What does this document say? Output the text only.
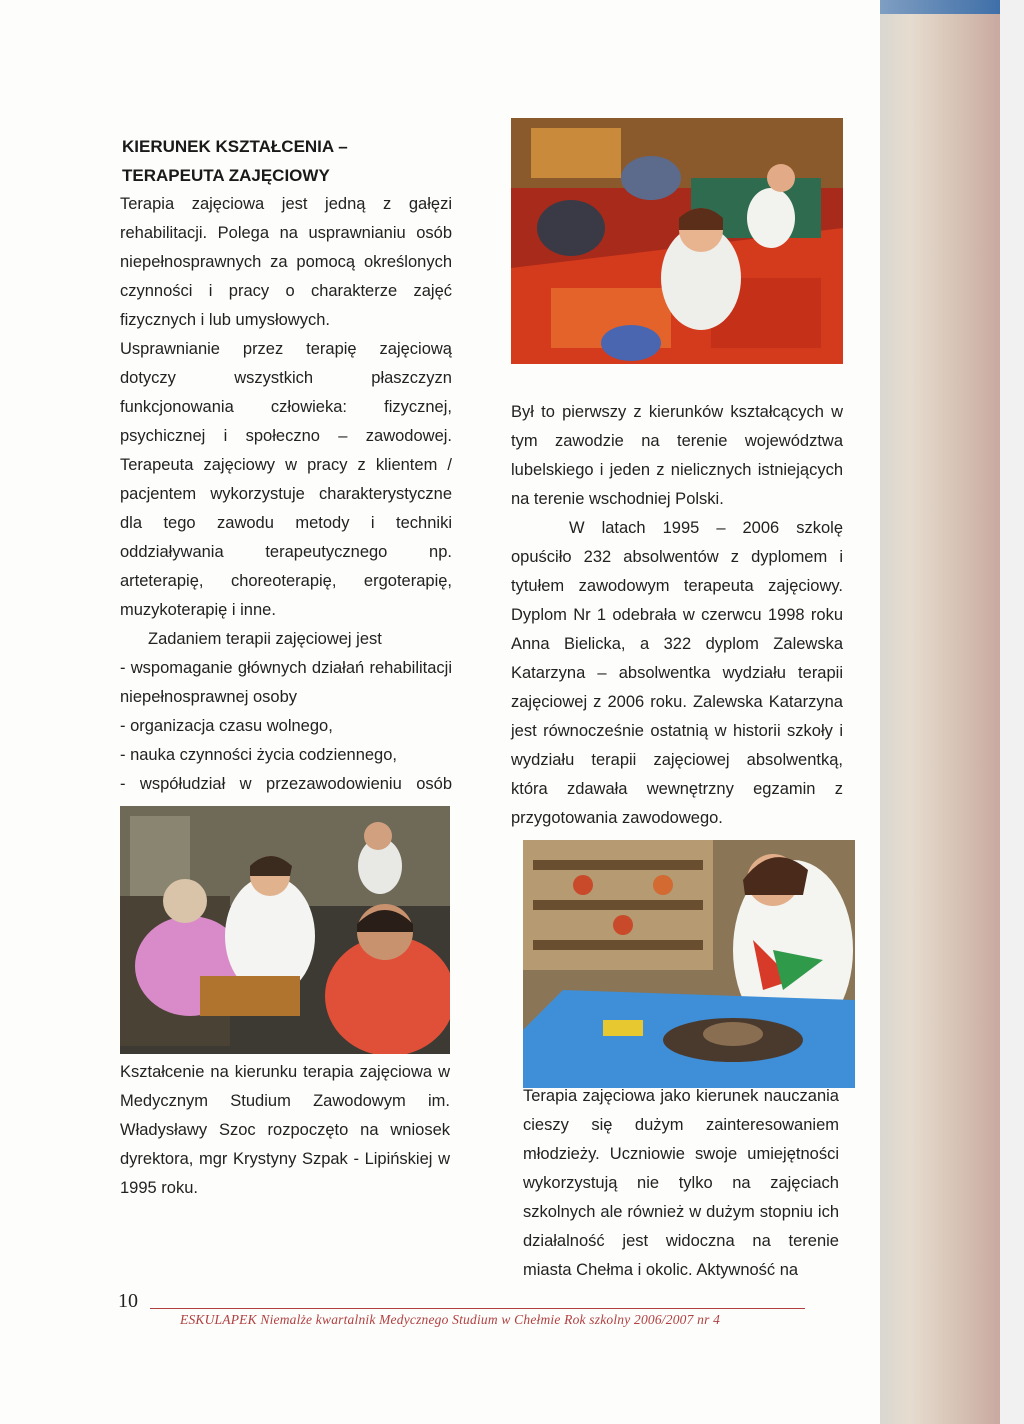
KIERUNEK KSZTAŁCENIA –
TERAPEUTA ZAJĘCIOWY

Terapia zajęciowa jest jedną z gałęzi rehabilitacji. Polega na usprawnianiu osób niepełnosprawnych za pomocą określonych czynności i pracy o charakterze zajęć fizycznych i lub umysłowych.

Usprawnianie przez terapię zajęciową dotyczy wszystkich płaszczyzn funkcjonowania człowieka: fizycznej, psychicznej i społeczno – zawodowej. Terapeuta zajęciowy w pracy z klientem / pacjentem wykorzystuje charakterystyczne dla tego zawodu metody i techniki oddziaływania terapeutycznego np. arteterapię, choreoterapię, ergoterapię, muzykoterapię i inne.

Zadaniem terapii zajęciowej jest

- wspomaganie głównych działań rehabilitacji niepełnosprawnej osoby

- organizacja czasu wolnego,

- nauka czynności życia codziennego,

- współudział w przezawodowieniu osób

Był to pierwszy z kierunków kształcących w tym zawodzie na terenie województwa lubelskiego i jeden z nielicznych istniejących na terenie wschodniej Polski.

W latach 1995 – 2006 szkolę opuściło 232 absolwentów z dyplomem i tytułem zawodowym terapeuta zajęciowy. Dyplom Nr 1 odebrała w czerwcu 1998 roku Anna Bielicka, a 322 dyplom Zalewska Katarzyna – absolwentka wydziału terapii zajęciowej z 2006 roku. Zalewska Katarzyna jest równocześnie ostatnią w historii szkoły i wydziału terapii zajęciowej absolwentką, która zdawała wewnętrzny egzamin z przygotowania zawodowego.

Kształcenie na kierunku terapia zajęciowa w Medycznym Studium Zawodowym im. Władysławy Szoc rozpoczęto na wniosek dyrektora, mgr Krystyny Szpak - Lipińskiej w 1995 roku.

Terapia zajęciowa jako kierunek nauczania cieszy się dużym zainteresowaniem młodzieży. Uczniowie swoje umiejętności wykorzystują nie tylko na zajęciach szkolnych ale również w dużym stopniu ich działalność jest widoczna na terenie miasta Chełma i okolic. Aktywność na

10
ESKULAPEK Niemalże kwartalnik Medycznego Studium w Chełmie Rok szkolny 2006/2007 nr 4
